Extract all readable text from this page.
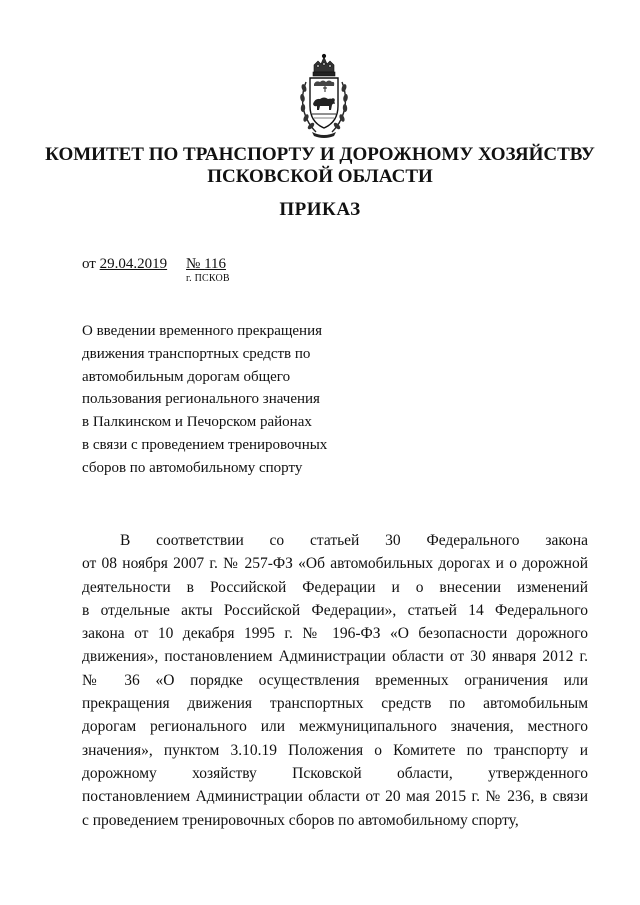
КОМИТЕТ ПО ТРАНСПОРТУ И ДОРОЖНОМУ ХОЗЯЙСТВУ
ПСКОВСКОЙ ОБЛАСТИ
ПРИКАЗ
от 29.04.2019 № 116
г. ПСКОВ
О введении временного прекращения
движения транспортных средств по
автомобильным дорогам общего
пользования регионального значения
в Палкинском и Печорском районах
в связи с проведением тренировочных
сборов по автомобильному спорту
В соответствии со статьей 30 Федерального закона
от 08 ноября 2007 г. № 257-ФЗ «Об автомобильных дорогах и о дорожной
деятельности в Российской Федерации и о внесении изменений
в отдельные акты Российской Федерации», статьей 14 Федерального
закона от 10 декабря 1995 г. № 196-ФЗ «О безопасности дорожного
движения», постановлением Администрации области от 30 января 2012 г.
№ 36 «О порядке осуществления временных ограничения или
прекращения движения транспортных средств по автомобильным
дорогам регионального или межмуниципального значения, местного
значения», пунктом 3.10.19 Положения о Комитете по транспорту и
дорожному хозяйству Псковской области, утвержденного
постановлением Администрации области от 20 мая 2015 г. № 236, в связи
с проведением тренировочных сборов по автомобильному спорту,
